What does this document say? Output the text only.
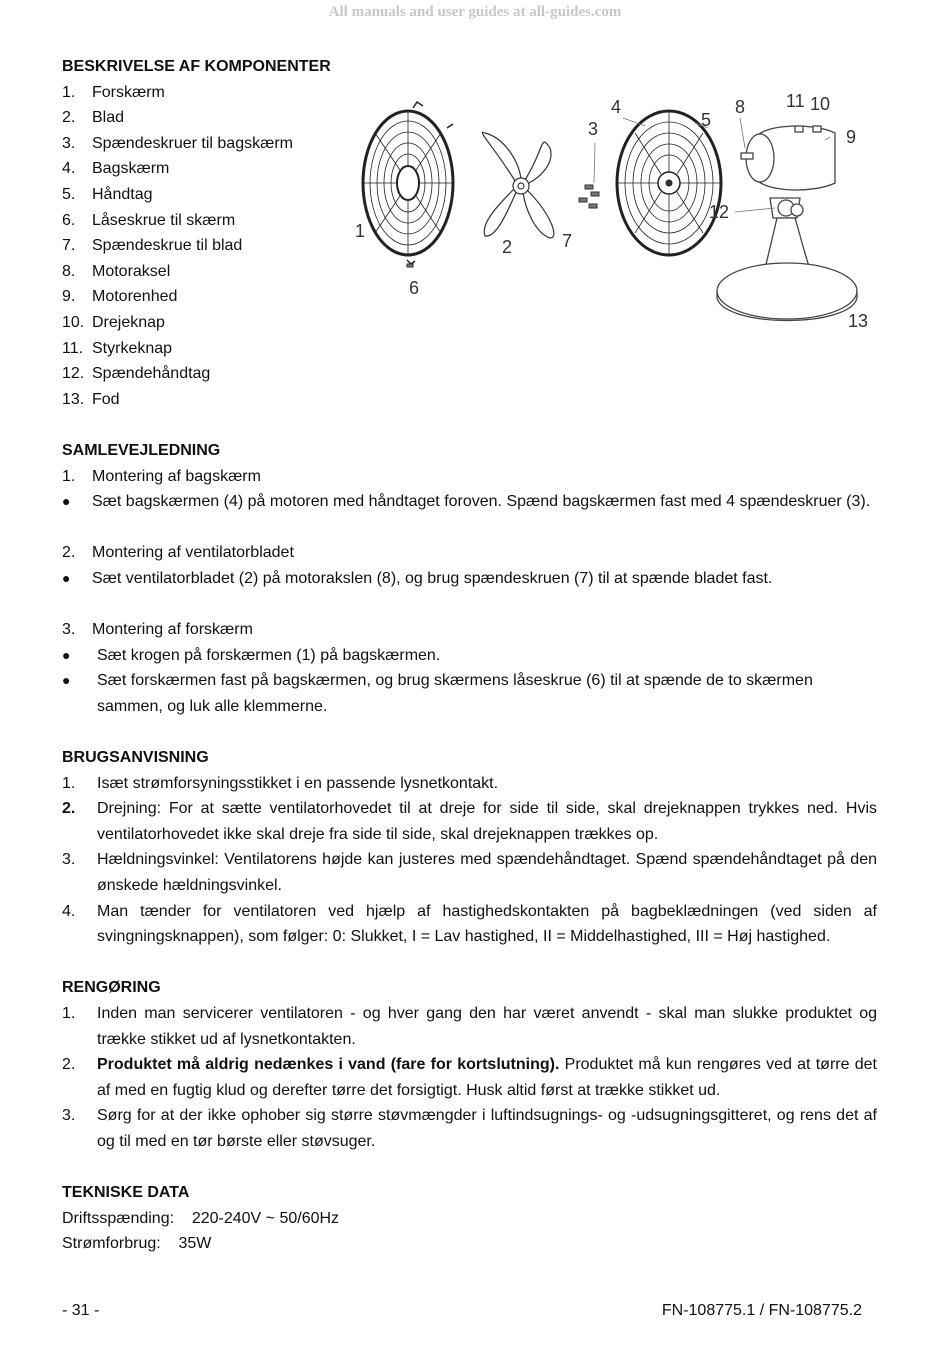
All manuals and user guides at all-guides.com

BESKRIVELSE AF KOMPONENTER

1. Forskærm
2. Blad
3. Spændeskruer til bagskærm
4. Bagskærm
5. Håndtag
6. Låseskrue til skærm
7. Spændeskrue til blad
8. Motoraksel
9. Motorenhed
10. Drejeknap
11. Styrkeknap
12. Spændehåndtag
13. Fod

SAMLEVEJLEDNING

1. Montering af bagskærm
● Sæt bagskærmen (4) på motoren med håndtaget foroven. Spænd bagskærmen fast med 4 spændeskruer (3).
2. Montering af ventilatorbladet
● Sæt ventilatorbladet (2) på motorakslen (8), og brug spændeskruen (7) til at spænde bladet fast.
3. Montering af forskærm
● Sæt krogen på forskærmen (1) på bagskærmen.
● Sæt forskærmen fast på bagskærmen, og brug skærmens låseskrue (6) til at spænde de to skærmen sammen, og luk alle klemmerne.

BRUGSANVISNING

1. Isæt strømforsyningsstikket i en passende lysnetkontakt.
2. Drejning: For at sætte ventilatorhovedet til at dreje for side til side, skal drejeknappen trykkes ned. Hvis ventilatorhovedet ikke skal dreje fra side til side, skal drejeknappen trækkes op.
3. Hældningsvinkel: Ventilatorens højde kan justeres med spændehåndtaget. Spænd spændehåndtaget på den ønskede hældningsvinkel.
4. Man tænder for ventilatoren ved hjælp af hastighedskontakten på bagbeklædningen (ved siden af svingningsknappen), som følger: 0: Slukket, I = Lav hastighed, II = Middelhastighed, III = Høj hastighed.

RENGØRING

1. Inden man servicerer ventilatoren - og hver gang den har været anvendt - skal man slukke produktet og trække stikket ud af lysnetkontakten.
2. Produktet må aldrig nedænkes i vand (fare for kortslutning). Produktet må kun rengøres ved at tørre det af med en fugtig klud og derefter tørre det forsigtigt. Husk altid først at trække stikket ud.
3. Sørg for at der ikke ophober sig større støvmængder i luftindsugnings- og -udsugningsgitteret, og rens det af og til med en tør børste eller støvsuger.

TEKNISKE DATA

Driftsspænding: 220-240V ~ 50/60Hz
Strømforbrug: 35W
1
2
3
4
5
6
7
8
9
10
11
12
13
- 31 -	FN-108775.1 / FN-108775.2
